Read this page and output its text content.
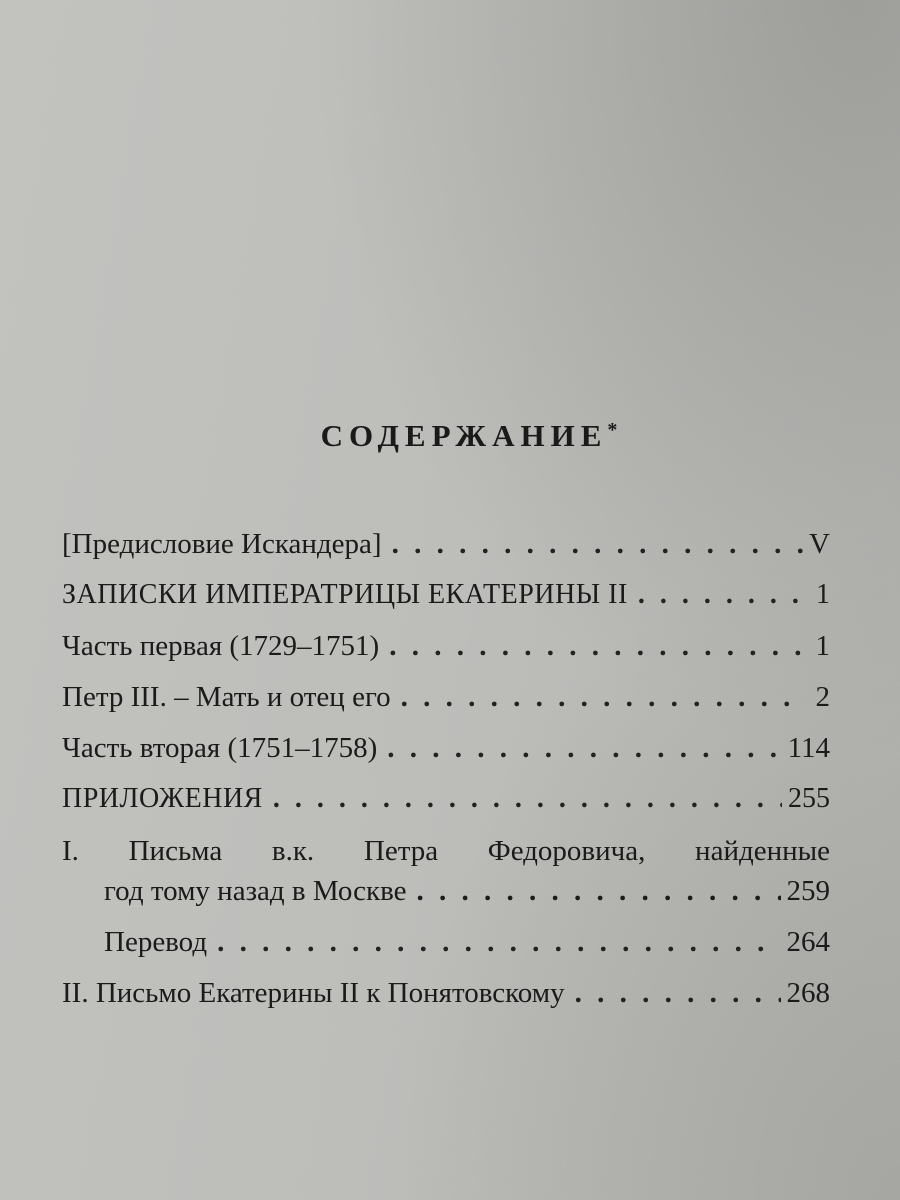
СОДЕРЖАНИЕ*
[Предисловие Искандера] . . .	V
ЗАПИСКИ ИМПЕРАТРИЦЫ ЕКАТЕРИНЫ II . . .	1
Часть первая (1729–1751) . . .	1
Петр III. – Мать и отец его . . .	2
Часть вторая (1751–1758) . . .	114
ПРИЛОЖЕНИЯ . . .	255
I. Письма в.к. Петра Федоровича, найденные
год тому назад в Москве . . .	259
Перевод . . .	264
II. Письмо Екатерины II к Понятовскому . . .	268
